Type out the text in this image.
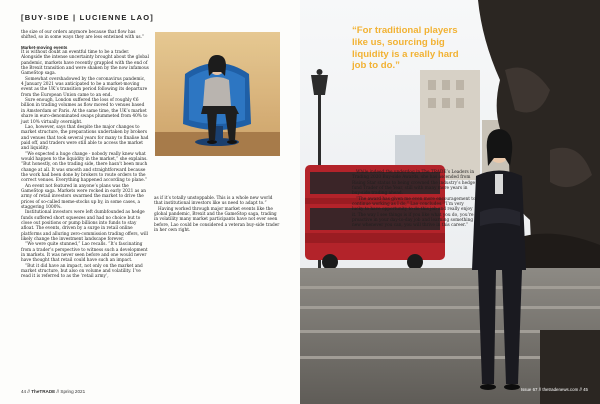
[BUY-SIDE | LUCIENNE LAO]

the size of our orders anymore because that flow has shifted, so in some ways they are less entwined with us.”

Market-moving events

It is without doubt an eventful time to be a trader. Alongside the intense uncertainty brought about the global pandemic, markets have recently grappled with the end of the Brexit transition and were shaken by the now infamous GameStop saga.

Somewhat overshadowed by the coronavirus pandemic, 4 January 2021 was anticipated to be a market-moving event as the UK’s transition period following its departure from the European Union came to an end.

Sure enough, London suffered the loss of roughly €6 billion in trading volumes as flow moved to venues based in Amsterdam or Paris. At the same time, the UK’s market share in euro-denominated swaps plummeted from 40% to just 10% virtually overnight.

Lao, however, says that despite the major changes to market structure, the preparations undertaken by brokers and venues that took several years for many to finalise had paid off, and traders were still able to access the market and liquidity.

“We expected a huge change - nobody really knew what would happen to the liquidity in the market,” she explains. “But honestly, on the trading side, there hasn’t been much change at all. It was smooth and straightforward because the work had been done by brokers to route orders to the correct venues. Everything happened according to plane.”

An event not featured in anyone’s plans was the GameStop saga. Markets were rocked in early 2021 as an army of retail investors swarmed the market to drive the prices of so-called meme-stocks up by, in some cases, a staggering 1000%.

Institutional investors were left dumbfounded as hedge funds suffered short squeezes and had no choice but to close out positions or pump billions into funds to stay afloat. The events, driven by a surge in retail online platforms and alluring zero-commission trading offers, will likely change the investment landscape forever.

“We were quite stunned,” Lao recalls. “It’s fascinating from a trader’s perspective to witness such a development in markets. It was never seen before and one would never have thought that retail could have such an impact.

“But it did have an impact, not only on the market and market structure, but also on volume and volatility. I’ve read it is referred to as the ‘retail army’,

as if it’s totally unstoppable. This is a whole new world that institutional investors like us need to adapt to.”

Having worked through major market events like the global pandemic, Brexit and the GameStop saga, trading in volatility many market participants have not ever seen before, Lao could be considered a veteran buy-side trader in her own right.

44 // TheTRADE // Spring 2021
“For traditional players like us, sourcing big liquidity is a really hard job to do.”
Issue 67 // thetradenews.com // 45

While indeed the underdog in The TRADE’s Leaders in Trading 2020 Buy-side Awards, she has ascended from Rising Star status to being crowned the industry’s hedge fund Trader of the Year, still with many more years in buy-side trading ahead.

“The award has given me even more encouragement to continue working as I do,” Lao concludes. “I’m very lucky to have opportunity to do this job and really enjoy it. The way I see things is if you like what you do, you’re proactive in your day-to-day job and learning something new whenever you can, you will thrive in this career.”
